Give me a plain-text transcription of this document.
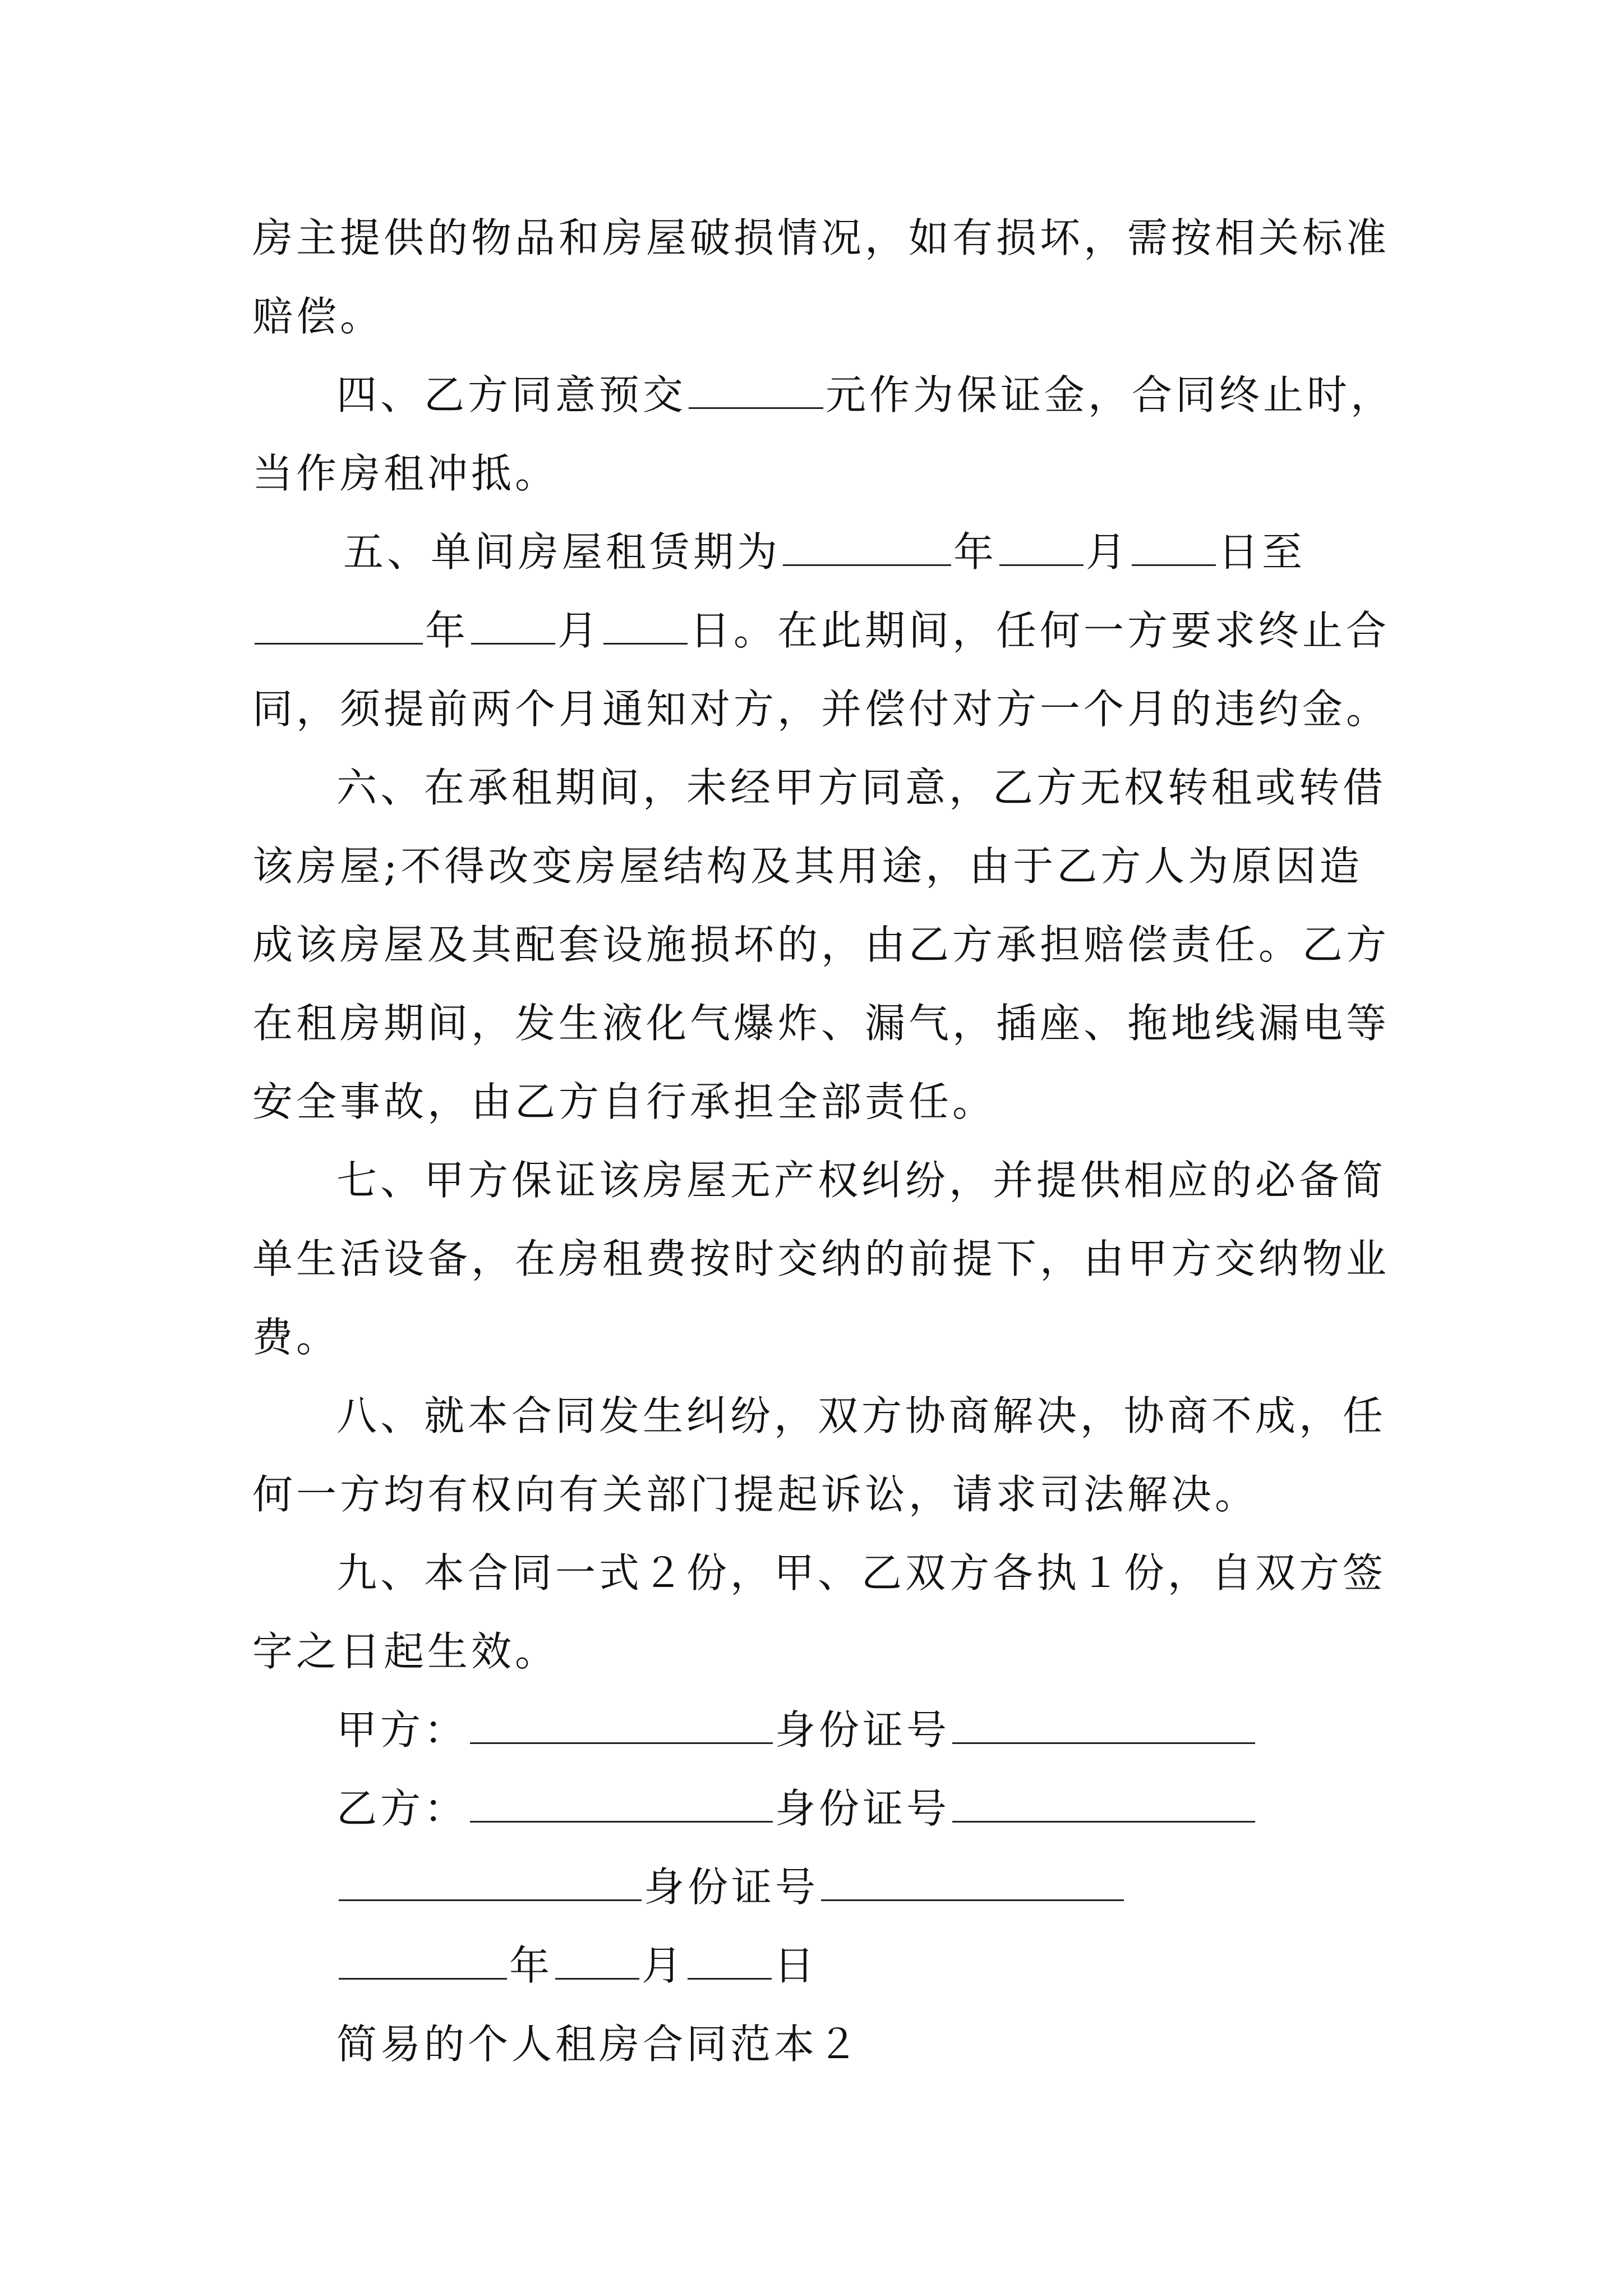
房主提供的物品和房屋破损情况，如有损坏，需按相关标准
赔偿。
四、乙方同意预交	元作为保证金，合同终止时，
当作房租冲抵。
五、单间房屋租赁期为	年 月 日至
年 月 日。在此期间，任何一方要求终止合
同，须提前两个月通知对方，并偿付对方一个月的违约金。
六、在承租期间，未经甲方同意，乙方无权转租或转借
该房屋;不得改变房屋结构及其用途，由于乙方人为原因造
成该房屋及其配套设施损坏的，由乙方承担赔偿责任。乙方
在租房期间，发生液化气爆炸、漏气，插座、拖地线漏电等
安全事故，由乙方自行承担全部责任。
七、甲方保证该房屋无产权纠纷，并提供相应的必备简
单生活设备，在房租费按时交纳的前提下，由甲方交纳物业
费。
八、就本合同发生纠纷，双方协商解决，协商不成，任
何一方均有权向有关部门提起诉讼，请求司法解决。
九、本合同一式２份，甲、乙双方各执１份，自双方签
字之日起生效。
甲方：	身份证号
乙方：	身份证号
身份证号
年 月 日
简易的个人租房合同范本２
